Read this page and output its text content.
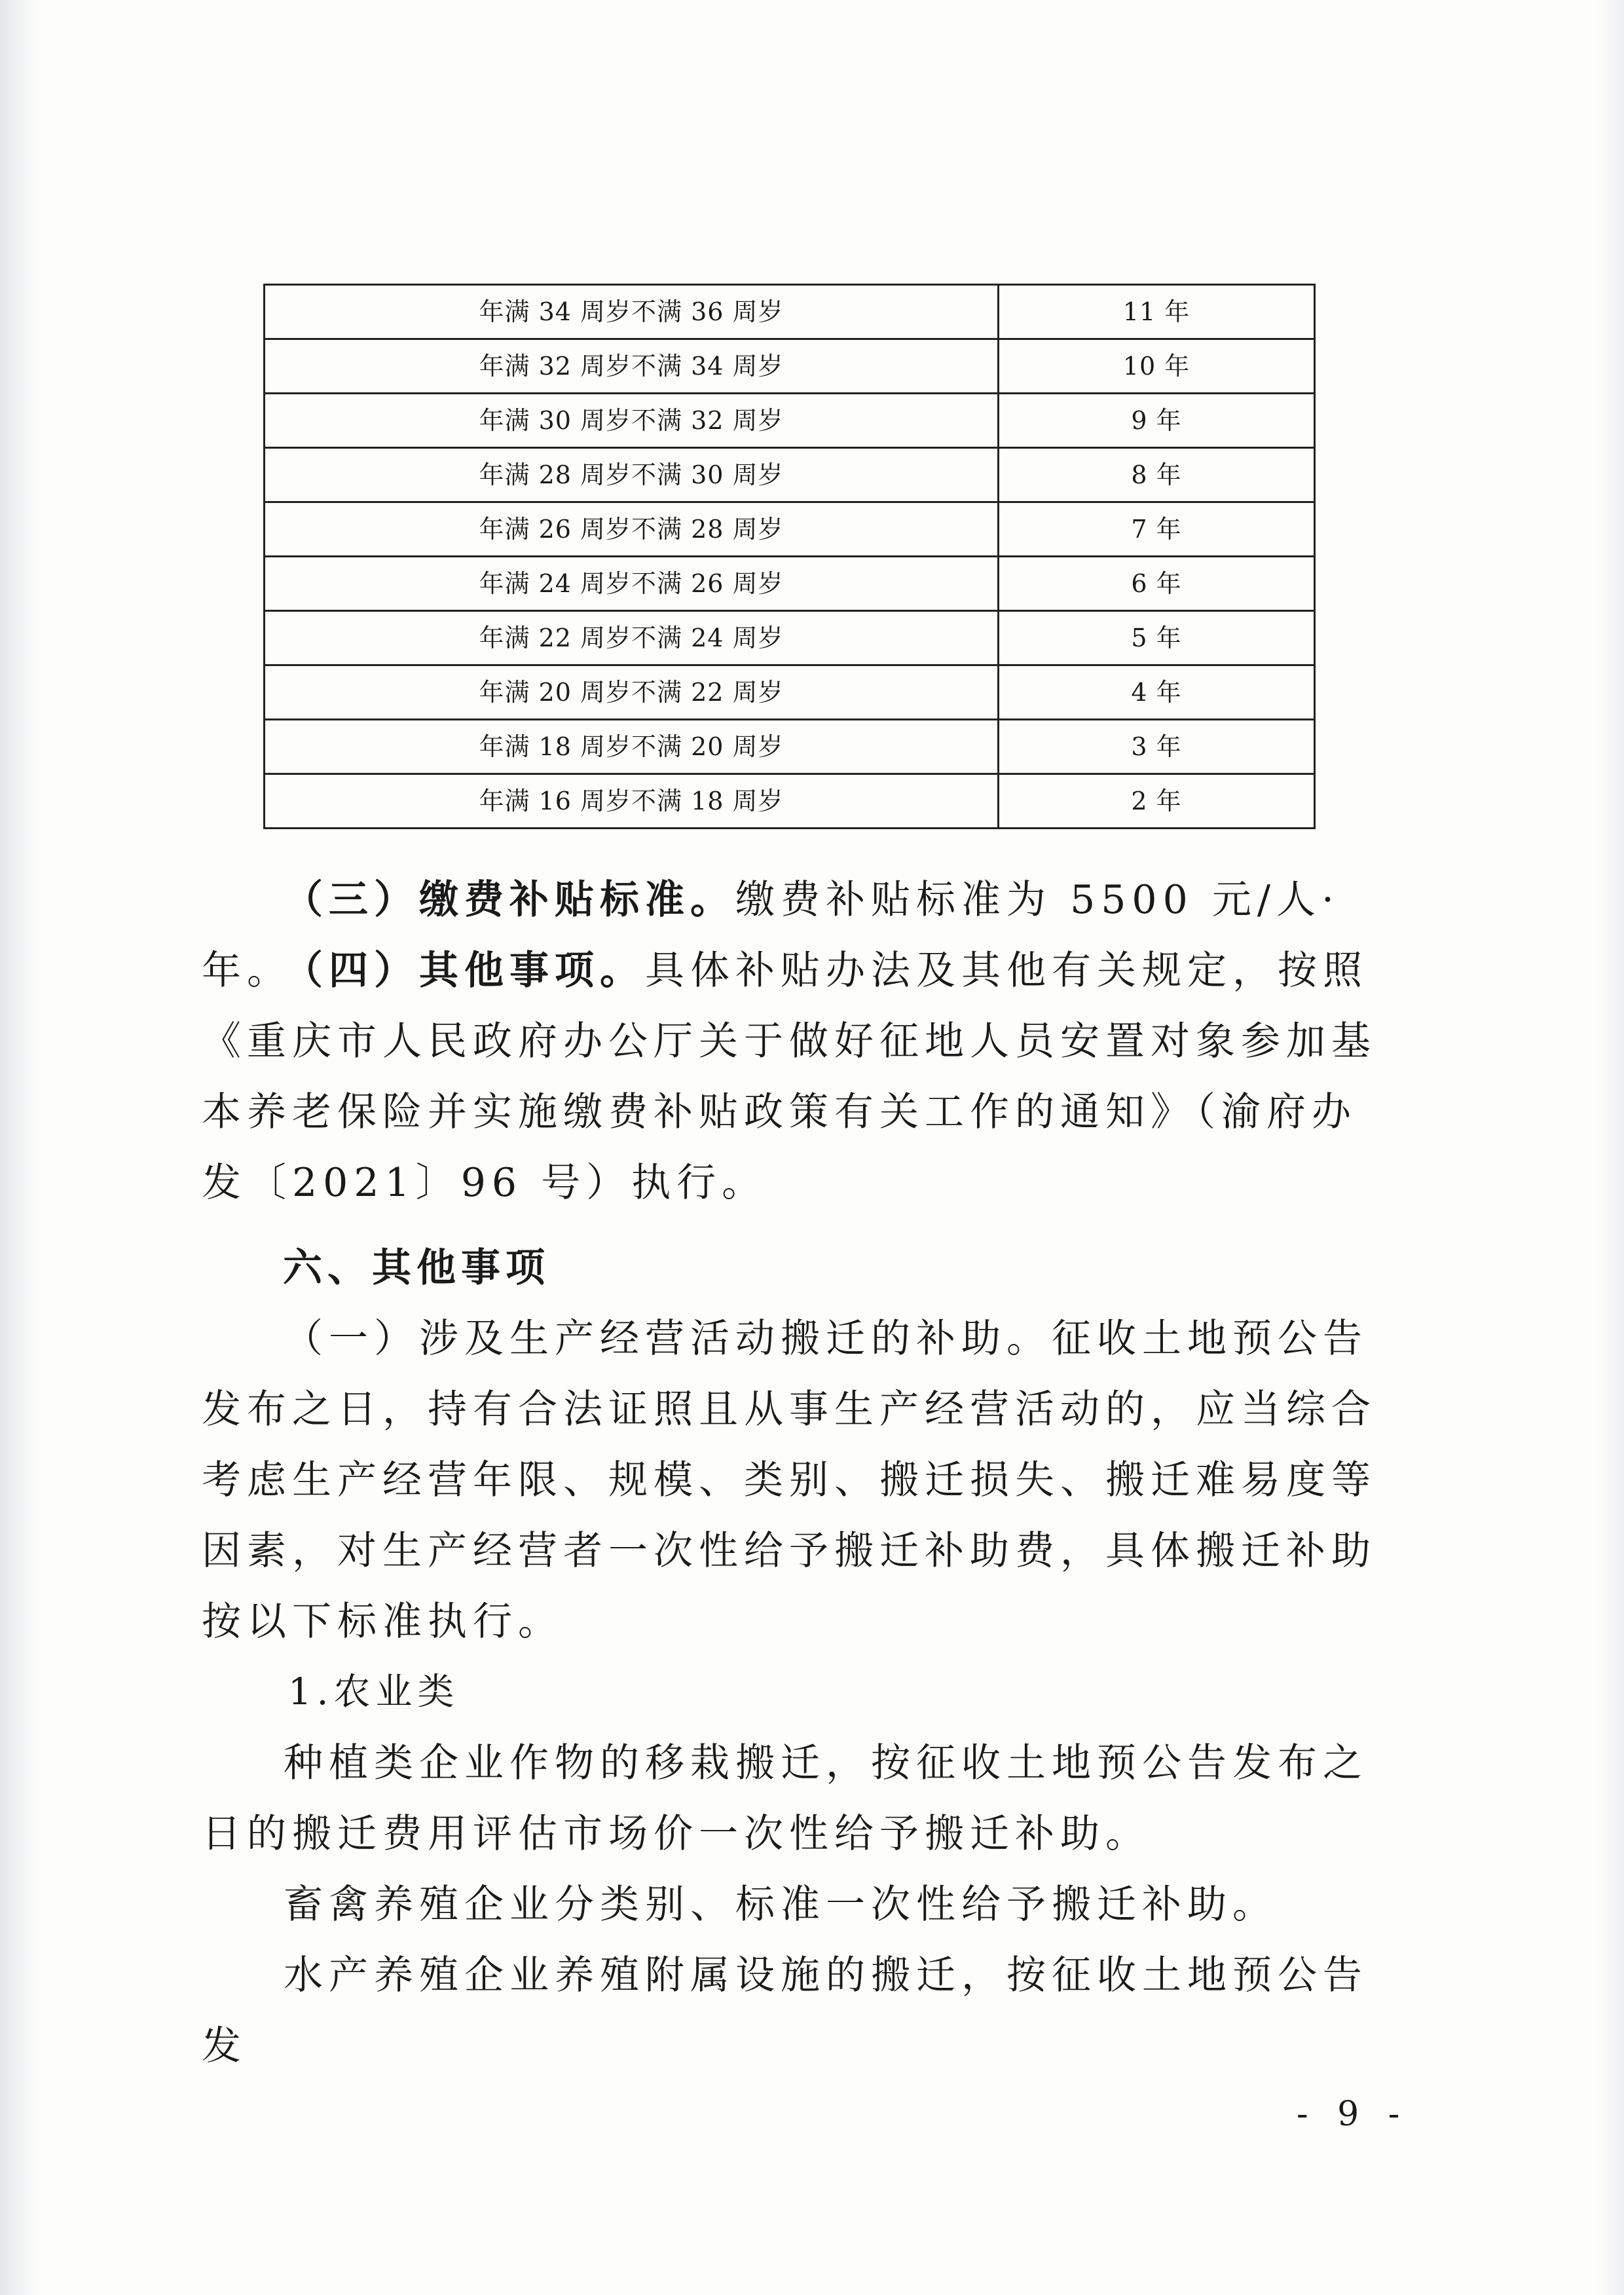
年满 34 周岁不满 36 周岁	11 年
年满 32 周岁不满 34 周岁	10 年
年满 30 周岁不满 32 周岁	9 年
年满 28 周岁不满 30 周岁	8 年
年满 26 周岁不满 28 周岁	7 年
年满 24 周岁不满 26 周岁	6 年
年满 22 周岁不满 24 周岁	5 年
年满 20 周岁不满 22 周岁	4 年
年满 18 周岁不满 20 周岁	3 年
年满 16 周岁不满 18 周岁	2 年

（三）缴费补贴标准。缴费补贴标准为 5500 元/人·年。

（四）其他事项。具体补贴办法及其他有关规定，按照《重庆市人民政府办公厅关于做好征地人员安置对象参加基本养老保险并实施缴费补贴政策有关工作的通知》（渝府办发〔2021〕96 号）执行。

六、其他事项

（一）涉及生产经营活动搬迁的补助。征收土地预公告发布之日，持有合法证照且从事生产经营活动的，应当综合考虑生产经营年限、规模、类别、搬迁损失、搬迁难易度等因素，对生产经营者一次性给予搬迁补助费，具体搬迁补助按以下标准执行。

1.农业类

种植类企业作物的移栽搬迁，按征收土地预公告发布之日的搬迁费用评估市场价一次性给予搬迁补助。

畜禽养殖企业分类别、标准一次性给予搬迁补助。

水产养殖企业养殖附属设施的搬迁，按征收土地预公告发

- 9 -
